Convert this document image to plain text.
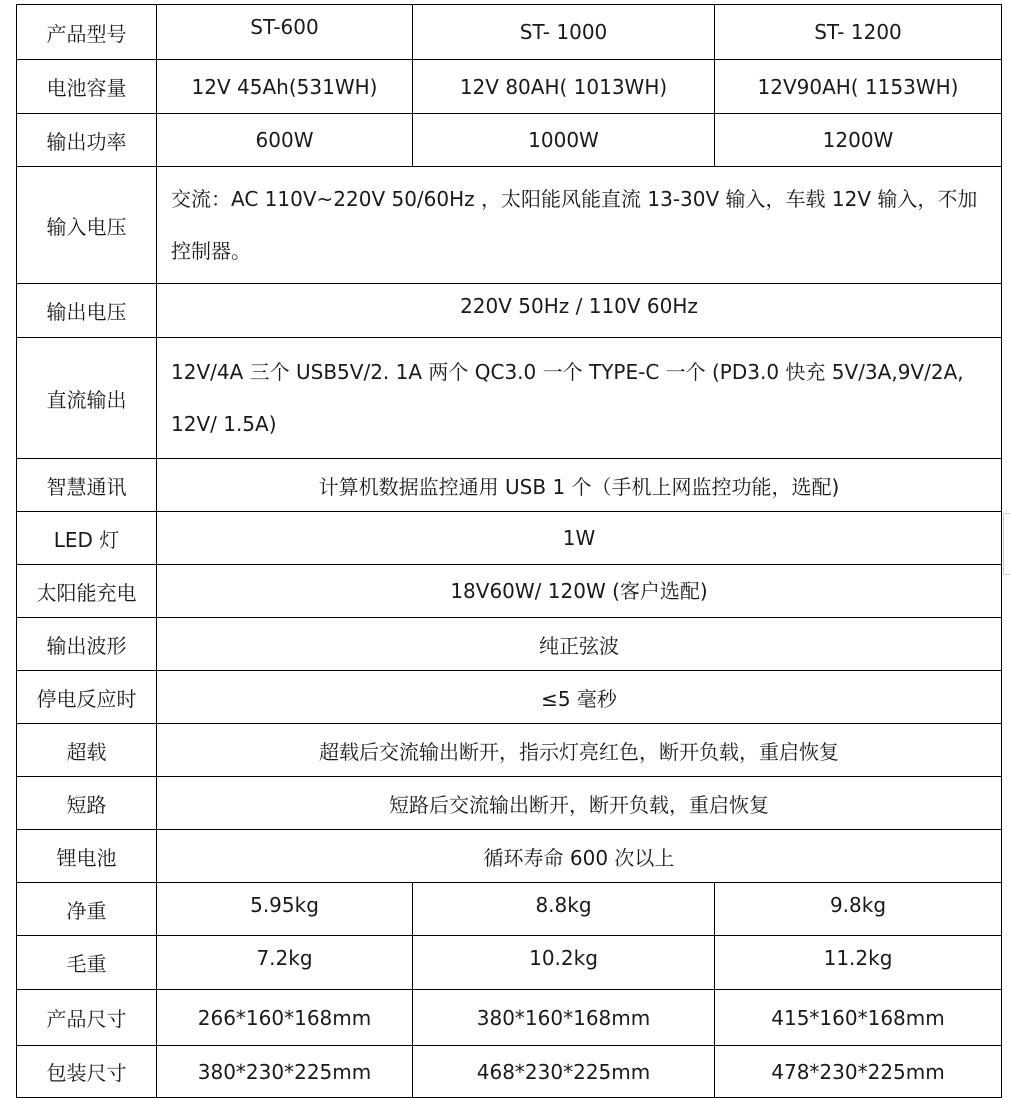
产品型号	ST-600	ST- 1000	ST- 1200
电池容量	12V 45Ah(531WH)	12V 80AH( 1013WH)	12V90AH( 1153WH)
输出功率	600W	1000W	1200W
输入电压	交流：AC 110V~220V 50/60Hz ，太阳能风能直流 13-30V 输入，车载 12V 输入，不加控制器。		
输出电压	220V 50Hz / 110V 60Hz		
直流输出	12V/4A 三个 USB5V/2. 1A 两个 QC3.0 一个 TYPE-C 一个 (PD3.0 快充 5V/3A,9V/2A, 12V/ 1.5A)		
智慧通讯	计算机数据监控通用 USB 1 个（手机上网监控功能，选配)		
LED 灯	1W		
太阳能充电	18V60W/ 120W (客户选配)		
输出波形	纯正弦波		
停电反应时	≤5 毫秒		
超载	超载后交流输出断开，指示灯亮红色，断开负载，重启恢复		
短路	短路后交流输出断开，断开负载，重启恢复		
锂电池	循环寿命 600 次以上		
净重	5.95kg	8.8kg	9.8kg
毛重	7.2kg	10.2kg	11.2kg
产品尺寸	266*160*168mm	380*160*168mm	415*160*168mm
包装尺寸	380*230*225mm	468*230*225mm	478*230*225mm
